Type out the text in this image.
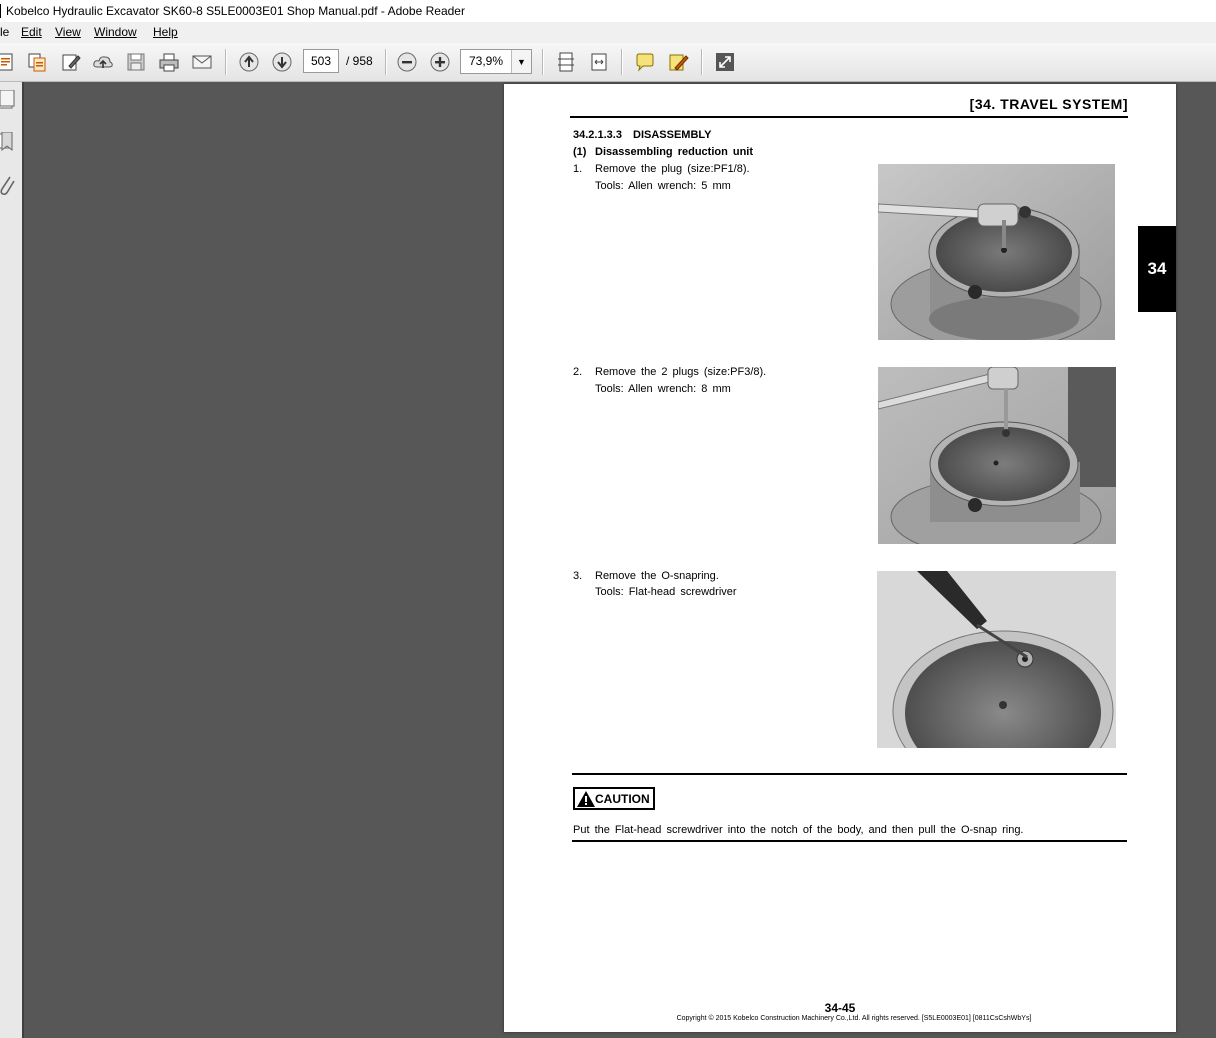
Kobelco Hydraulic Excavator SK60-8 S5LE0003E01 Shop Manual.pdf - Adobe Reader
le Edit View Window Help
503	/ 958	73,9%	▼
[34. TRAVEL SYSTEM]
34.2.1.3.3 DISASSEMBLY
(1) Disassembling reduction unit
1. Remove the plug (size:PF1/8).
Tools: Allen wrench: 5 mm
2. Remove the 2 plugs (size:PF3/8).
Tools: Allen wrench: 8 mm
3. Remove the O-snapring.
Tools: Flat-head screwdriver
CAUTION
Put the Flat-head screwdriver into the notch of the body, and then pull the O-snap ring.
34-45
Copyright © 2015 Kobelco Construction Machinery Co.,Ltd. All rights reserved. [S5LE0003E01] [0811CsCshWbYs]
34
